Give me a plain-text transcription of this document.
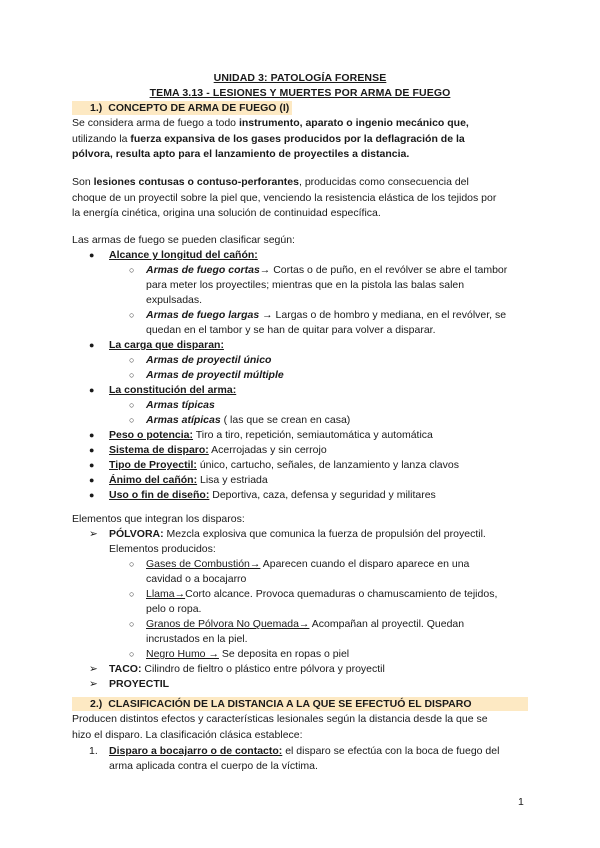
UNIDAD 3: PATOLOGÍA FORENSE
TEMA 3.13 - LESIONES Y MUERTES POR ARMA DE FUEGO
1.) CONCEPTO DE ARMA DE FUEGO (I)
Se considera arma de fuego a todo instrumento, aparato o ingenio mecánico que,
utilizando la fuerza expansiva de los gases producidos por la deflagración de la
pólvora, resulta apto para el lanzamiento de proyectiles a distancia.
Son lesiones contusas o contuso-perforantes, producidas como consecuencia del
choque de un proyectil sobre la piel que, venciendo la resistencia elástica de los tejidos por
la energía cinética, origina una solución de continuidad específica.
Las armas de fuego se pueden clasificar según:
● Alcance y longitud del cañón:
○ Armas de fuego cortas→ Cortas o de puño, en el revólver se abre el tambor
para meter los proyectiles; mientras que en la pistola las balas salen
expulsadas.
○ Armas de fuego largas → Largas o de hombro y mediana, en el revólver, se
quedan en el tambor y se han de quitar para volver a disparar.
● La carga que disparan:
○ Armas de proyectil único
○ Armas de proyectil múltiple
● La constitución del arma:
○ Armas típicas
○ Armas atípicas ( las que se crean en casa)
● Peso o potencia: Tiro a tiro, repetición, semiautomática y automática
● Sistema de disparo: Acerrojadas y sin cerrojo
● Tipo de Proyectil: único, cartucho, señales, de lanzamiento y lanza clavos
● Ánimo del cañón: Lisa y estriada
● Uso o fin de diseño: Deportiva, caza, defensa y seguridad y militares
Elementos que integran los disparos:
➢ PÓLVORA: Mezcla explosiva que comunica la fuerza de propulsión del proyectil.
Elementos producidos:
○ Gases de Combustión→ Aparecen cuando el disparo aparece en una
cavidad o a bocajarro
○ Llama→Corto alcance. Provoca quemaduras o chamuscamiento de tejidos,
pelo o ropa.
○ Granos de Pólvora No Quemada→ Acompañan al proyectil. Quedan
incrustados en la piel.
○ Negro Humo → Se deposita en ropas o piel
➢ TACO: Cilindro de fieltro o plástico entre pólvora y proyectil
➢ PROYECTIL
2.) CLASIFICACIÓN DE LA DISTANCIA A LA QUE SE EFECTUÓ EL DISPARO
Producen distintos efectos y características lesionales según la distancia desde la que se
hizo el disparo. La clasificación clásica establece:
1. Disparo a bocajarro o de contacto: el disparo se efectúa con la boca de fuego del
arma aplicada contra el cuerpo de la víctima.
1
